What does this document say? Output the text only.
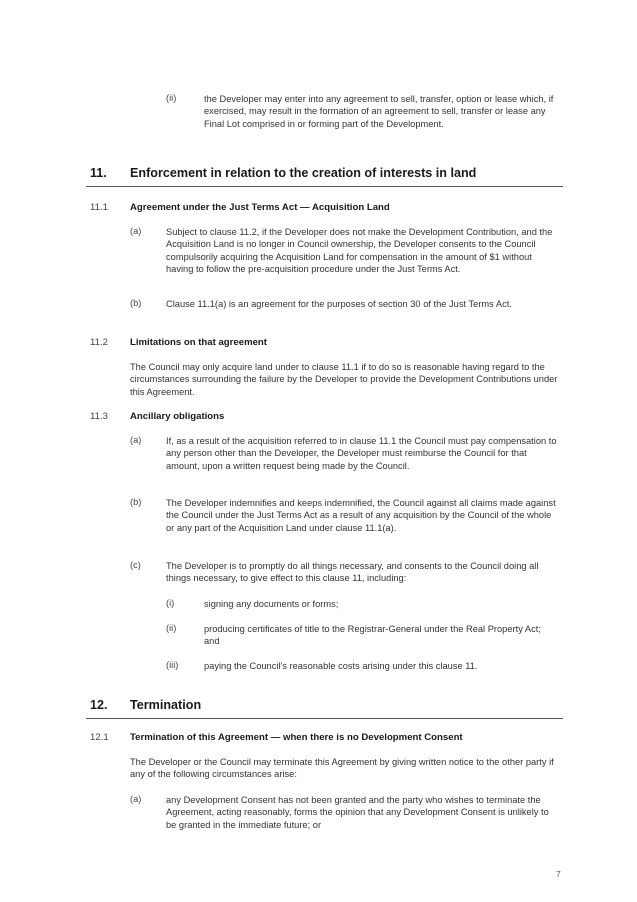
(ii)	the Developer may enter into any agreement to sell, transfer, option or lease which, if exercised, may result in the formation of an agreement to sell, transfer or lease any Final Lot comprised in or forming part of the Development.
11. Enforcement in relation to the creation of interests in land
11.1 Agreement under the Just Terms Act — Acquisition Land
(a)	Subject to clause 11.2, if the Developer does not make the Development Contribution, and the Acquisition Land is no longer in Council ownership, the Developer consents to the Council compulsorily acquiring the Acquisition Land for compensation in the amount of $1 without having to follow the pre-acquisition procedure under the Just Terms Act.
(b)	Clause 11.1(a) is an agreement for the purposes of section 30 of the Just Terms Act.
11.2 Limitations on that agreement
The Council may only acquire land under to clause 11.1 if to do so is reasonable having regard to the circumstances surrounding the failure by the Developer to provide the Development Contributions under this Agreement.
11.3 Ancillary obligations
(a)	If, as a result of the acquisition referred to in clause 11.1 the Council must pay compensation to any person other than the Developer, the Developer must reimburse the Council for that amount, upon a written request being made by the Council.
(b)	The Developer indemnifies and keeps indemnified, the Council against all claims made against the Council under the Just Terms Act as a result of any acquisition by the Council of the whole or any part of the Acquisition Land under clause 11.1(a).
(c)	The Developer is to promptly do all things necessary, and consents to the Council doing all things necessary, to give effect to this clause 11, including:
(i)	signing any documents or forms;
(ii)	producing certificates of title to the Registrar-General under the Real Property Act; and
(iii)	paying the Council's reasonable costs arising under this clause 11.
12. Termination
12.1 Termination of this Agreement — when there is no Development Consent
The Developer or the Council may terminate this Agreement by giving written notice to the other party if any of the following circumstances arise:
(a)	any Development Consent has not been granted and the party who wishes to terminate the Agreement, acting reasonably, forms the opinion that any Development Consent is unlikely to be granted in the immediate future; or
7
